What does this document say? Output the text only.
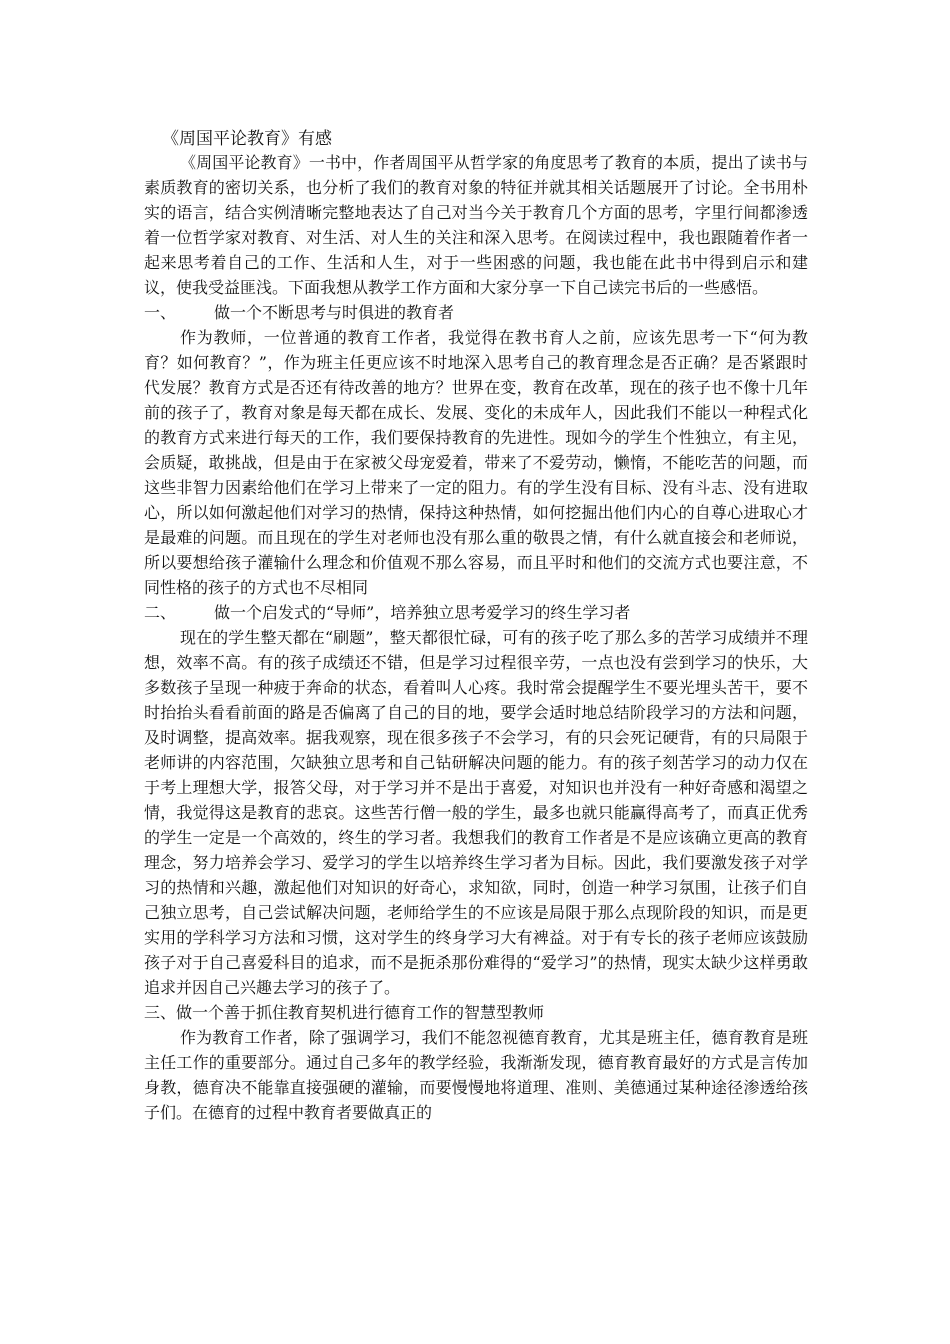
《周国平论教育》有感

《周国平论教育》一书中，作者周国平从哲学家的角度思考了教育的本质，提出了读书与素质教育的密切关系，也分析了我们的教育对象的特征并就其相关话题展开了讨论。全书用朴实的语言，结合实例清晰完整地表达了自己对当今关于教育几个方面的思考，字里行间都渗透着一位哲学家对教育、对生活、对人生的关注和深入思考。在阅读过程中，我也跟随着作者一起来思考着自己的工作、生活和人生，对于一些困惑的问题，我也能在此书中得到启示和建议，使我受益匪浅。下面我想从教学工作方面和大家分享一下自己读完书后的一些感悟。

一、 做一个不断思考与时俱进的教育者

作为教师，一位普通的教育工作者，我觉得在教书育人之前，应该先思考一下“何为教育？如何教育？”，作为班主任更应该不时地深入思考自己的教育理念是否正确？是否紧跟时代发展？教育方式是否还有待改善的地方？世界在变，教育在改革，现在的孩子也不像十几年前的孩子了，教育对象是每天都在成长、发展、变化的未成年人，因此我们不能以一种程式化的教育方式来进行每天的工作，我们要保持教育的先进性。现如今的学生个性独立，有主见，会质疑，敢挑战，但是由于在家被父母宠爱着，带来了不爱劳动，懒惰，不能吃苦的问题，而这些非智力因素给他们在学习上带来了一定的阻力。有的学生没有目标、没有斗志、没有进取心，所以如何激起他们对学习的热情，保持这种热情，如何挖掘出他们内心的自尊心进取心才是最难的问题。而且现在的学生对老师也没有那么重的敬畏之情，有什么就直接会和老师说，所以要想给孩子灌输什么理念和价值观不那么容易，而且平时和他们的交流方式也要注意，不同性格的孩子的方式也不尽相同

二、 做一个启发式的“导师”，培养独立思考爱学习的终生学习者

现在的学生整天都在“刷题”，整天都很忙碌，可有的孩子吃了那么多的苦学习成绩并不理想，效率不高。有的孩子成绩还不错，但是学习过程很辛劳，一点也没有尝到学习的快乐，大多数孩子呈现一种疲于奔命的状态，看着叫人心疼。我时常会提醒学生不要光埋头苦干，要不时抬抬头看看前面的路是否偏离了自己的目的地，要学会适时地总结阶段学习的方法和问题，及时调整，提高效率。据我观察，现在很多孩子不会学习，有的只会死记硬背，有的只局限于老师讲的内容范围，欠缺独立思考和自己钻研解决问题的能力。有的孩子刻苦学习的动力仅在于考上理想大学，报答父母，对于学习并不是出于喜爱，对知识也并没有一种好奇感和渴望之情，我觉得这是教育的悲哀。这些苦行僧一般的学生，最多也就只能赢得高考了，而真正优秀的学生一定是一个高效的，终生的学习者。我想我们的教育工作者是不是应该确立更高的教育理念，努力培养会学习、爱学习的学生以培养终生学习者为目标。因此，我们要激发孩子对学习的热情和兴趣，激起他们对知识的好奇心，求知欲，同时，创造一种学习氛围，让孩子们自己独立思考，自己尝试解决问题，老师给学生的不应该是局限于那么点现阶段的知识，而是更实用的学科学习方法和习惯，这对学生的终身学习大有裨益。对于有专长的孩子老师应该鼓励孩子对于自己喜爱科目的追求，而不是扼杀那份难得的“爱学习”的热情，现实太缺少这样勇敢追求并因自己兴趣去学习的孩子了。

三、做一个善于抓住教育契机进行德育工作的智慧型教师

作为教育工作者，除了强调学习，我们不能忽视德育教育，尤其是班主任，德育教育是班主任工作的重要部分。通过自己多年的教学经验，我渐渐发现，德育教育最好的方式是言传加身教，德育决不能靠直接强硬的灌输，而要慢慢地将道理、准则、美德通过某种途径渗透给孩子们。在德育的过程中教育者要做真正的
